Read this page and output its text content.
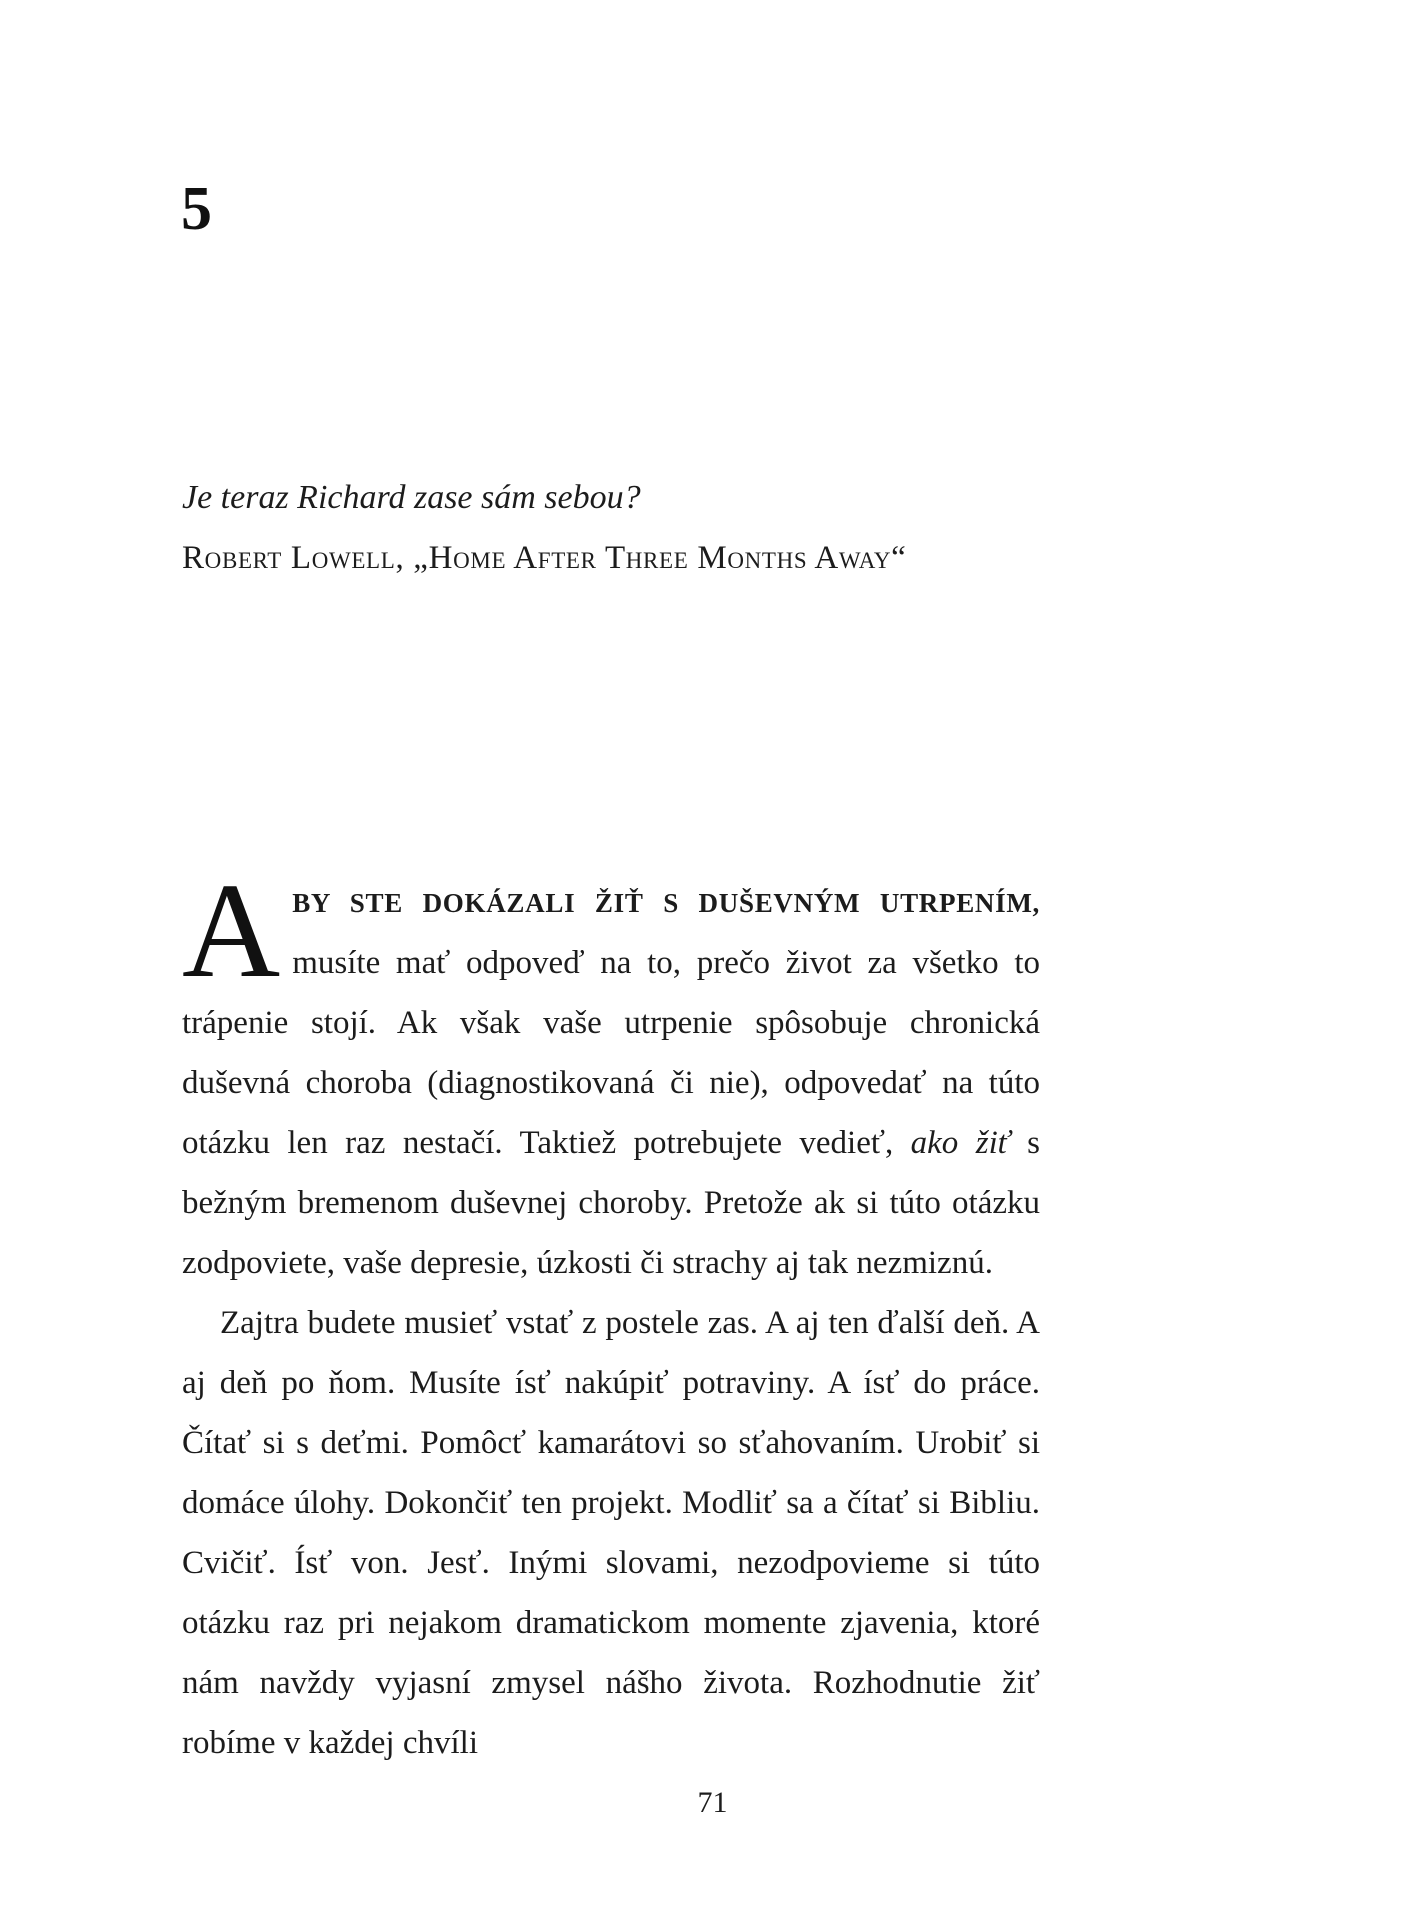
5
Je teraz Richard zase sám sebou?
Robert Lowell, „Home After Three Months Away“

ABY STE DOKÁZALI ŽIŤ S DUŠEVNÝM UTRPENÍM, musíte mať odpoveď na to, prečo život za všetko to trápenie stojí. Ak však vaše utrpenie spôsobuje chronická duševná choroba (diagnostikovaná či nie), odpovedať na túto otázku len raz nestačí. Taktiež potrebujete vedieť, ako žiť s bežným bremenom duševnej choroby. Pretože ak si túto otázku zodpoviete, vaše depresie, úzkosti či strachy aj tak nezmiznú.

Zajtra budete musieť vstať z postele zas. A aj ten ďalší deň. A aj deň po ňom. Musíte ísť nakúpiť potraviny. A ísť do práce. Čítať si s deťmi. Pomôcť kamarátovi so sťahovaním. Urobiť si domáce úlohy. Dokončiť ten projekt. Modliť sa a čítať si Bibliu. Cvičiť. Ísť von. Jesť. Inými slovami, nezodpovieme si túto otázku raz pri nejakom dramatickom momente zjavenia, ktoré nám navždy vyjasní zmysel nášho života. Rozhodnutie žiť robíme v každej chvíli

71
